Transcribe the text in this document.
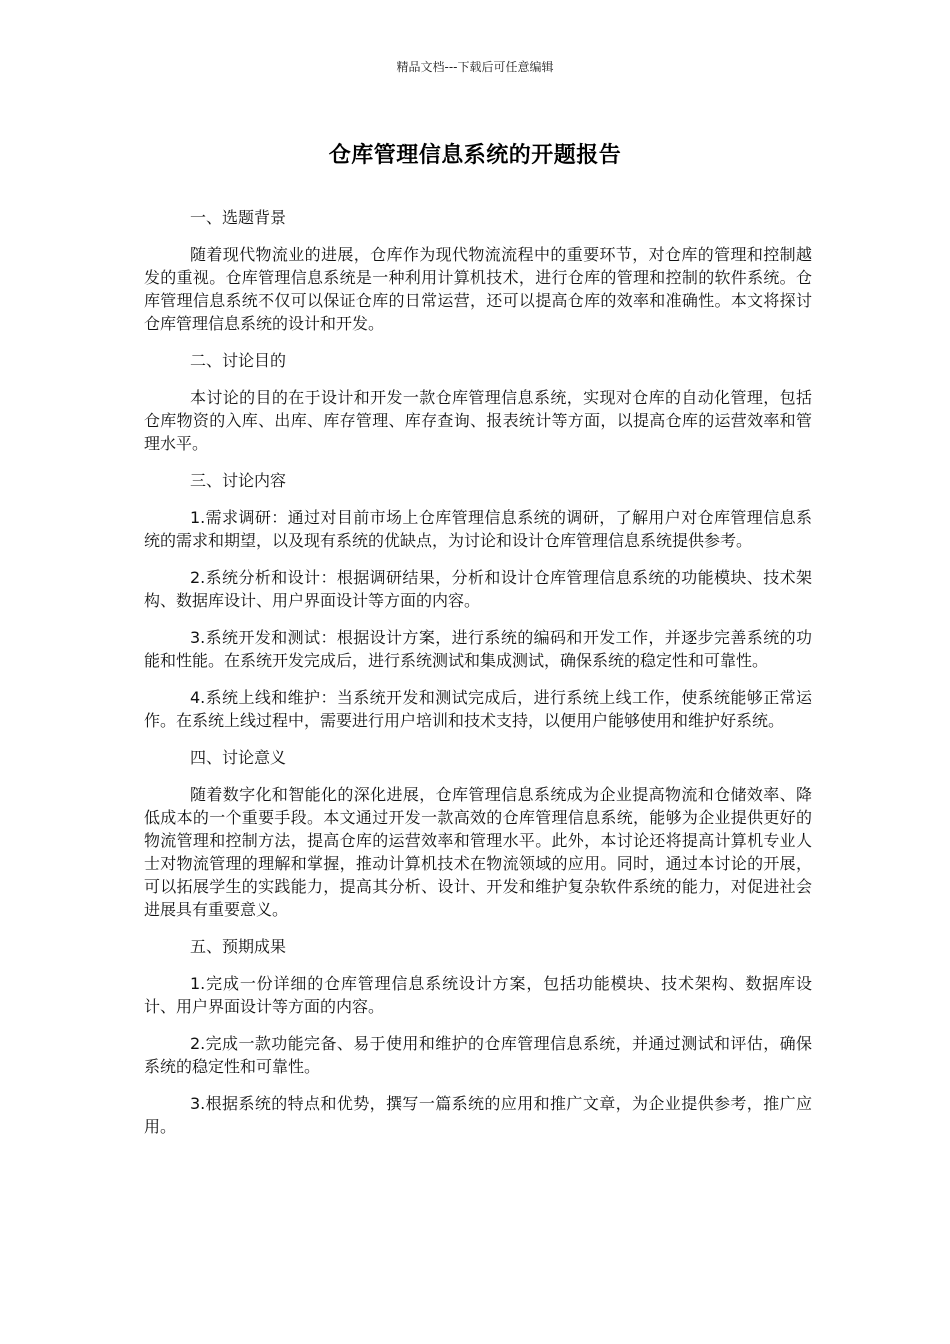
精品文档---下载后可任意编辑
仓库管理信息系统的开题报告

一、选题背景

随着现代物流业的进展，仓库作为现代物流流程中的重要环节，对仓库的管理和控制越发的重视。仓库管理信息系统是一种利用计算机技术，进行仓库的管理和控制的软件系统。仓库管理信息系统不仅可以保证仓库的日常运营，还可以提高仓库的效率和准确性。本文将探讨仓库管理信息系统的设计和开发。

二、讨论目的

本讨论的目的在于设计和开发一款仓库管理信息系统，实现对仓库的自动化管理，包括仓库物资的入库、出库、库存管理、库存查询、报表统计等方面，以提高仓库的运营效率和管理水平。

三、讨论内容

1.需求调研：通过对目前市场上仓库管理信息系统的调研，了解用户对仓库管理信息系统的需求和期望，以及现有系统的优缺点，为讨论和设计仓库管理信息系统提供参考。

2.系统分析和设计：根据调研结果，分析和设计仓库管理信息系统的功能模块、技术架构、数据库设计、用户界面设计等方面的内容。

3.系统开发和测试：根据设计方案，进行系统的编码和开发工作，并逐步完善系统的功能和性能。在系统开发完成后，进行系统测试和集成测试，确保系统的稳定性和可靠性。

4.系统上线和维护：当系统开发和测试完成后，进行系统上线工作，使系统能够正常运作。在系统上线过程中，需要进行用户培训和技术支持，以便用户能够使用和维护好系统。

四、讨论意义

随着数字化和智能化的深化进展，仓库管理信息系统成为企业提高物流和仓储效率、降低成本的一个重要手段。本文通过开发一款高效的仓库管理信息系统，能够为企业提供更好的物流管理和控制方法，提高仓库的运营效率和管理水平。此外，本讨论还将提高计算机专业人士对物流管理的理解和掌握，推动计算机技术在物流领域的应用。同时，通过本讨论的开展，可以拓展学生的实践能力，提高其分析、设计、开发和维护复杂软件系统的能力，对促进社会进展具有重要意义。

五、预期成果

1.完成一份详细的仓库管理信息系统设计方案，包括功能模块、技术架构、数据库设计、用户界面设计等方面的内容。

2.完成一款功能完备、易于使用和维护的仓库管理信息系统，并通过测试和评估，确保系统的稳定性和可靠性。

3.根据系统的特点和优势，撰写一篇系统的应用和推广文章，为企业提供参考，推广应用。
